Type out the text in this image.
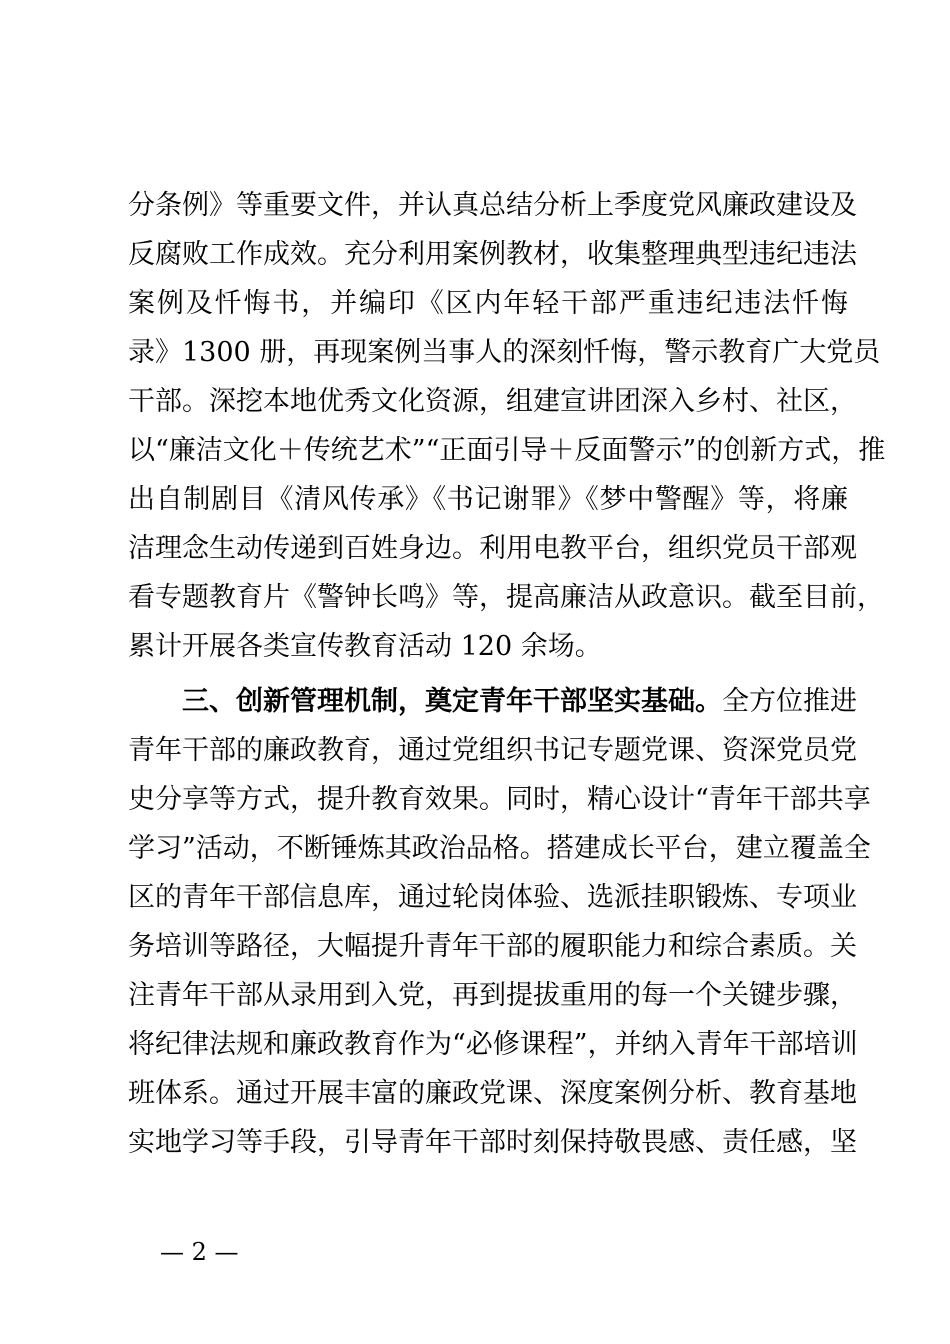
分条例》等重要文件，并认真总结分析上季度党风廉政建设及
反腐败工作成效。充分利用案例教材，收集整理典型违纪违法
案例及忏悔书，并编印《区内年轻干部严重违纪违法忏悔
录》1300 册，再现案例当事人的深刻忏悔，警示教育广大党员
干部。深挖本地优秀文化资源，组建宣讲团深入乡村、社区，
以“廉洁文化＋传统艺术”“正面引导＋反面警示”的创新方式，推
出自制剧目《清风传承》《书记谢罪》《梦中警醒》等，将廉
洁理念生动传递到百姓身边。利用电教平台，组织党员干部观
看专题教育片《警钟长鸣》等，提高廉洁从政意识。截至目前，
累计开展各类宣传教育活动 120 余场。
三、创新管理机制，奠定青年干部坚实基础。全方位推进
青年干部的廉政教育，通过党组织书记专题党课、资深党员党
史分享等方式，提升教育效果。同时，精心设计“青年干部共享
学习”活动，不断锤炼其政治品格。搭建成长平台，建立覆盖全
区的青年干部信息库，通过轮岗体验、选派挂职锻炼、专项业
务培训等路径，大幅提升青年干部的履职能力和综合素质。关
注青年干部从录用到入党，再到提拔重用的每一个关键步骤，
将纪律法规和廉政教育作为“必修课程”，并纳入青年干部培训
班体系。通过开展丰富的廉政党课、深度案例分析、教育基地
实地学习等手段，引导青年干部时刻保持敬畏感、责任感，坚
— 2 —
